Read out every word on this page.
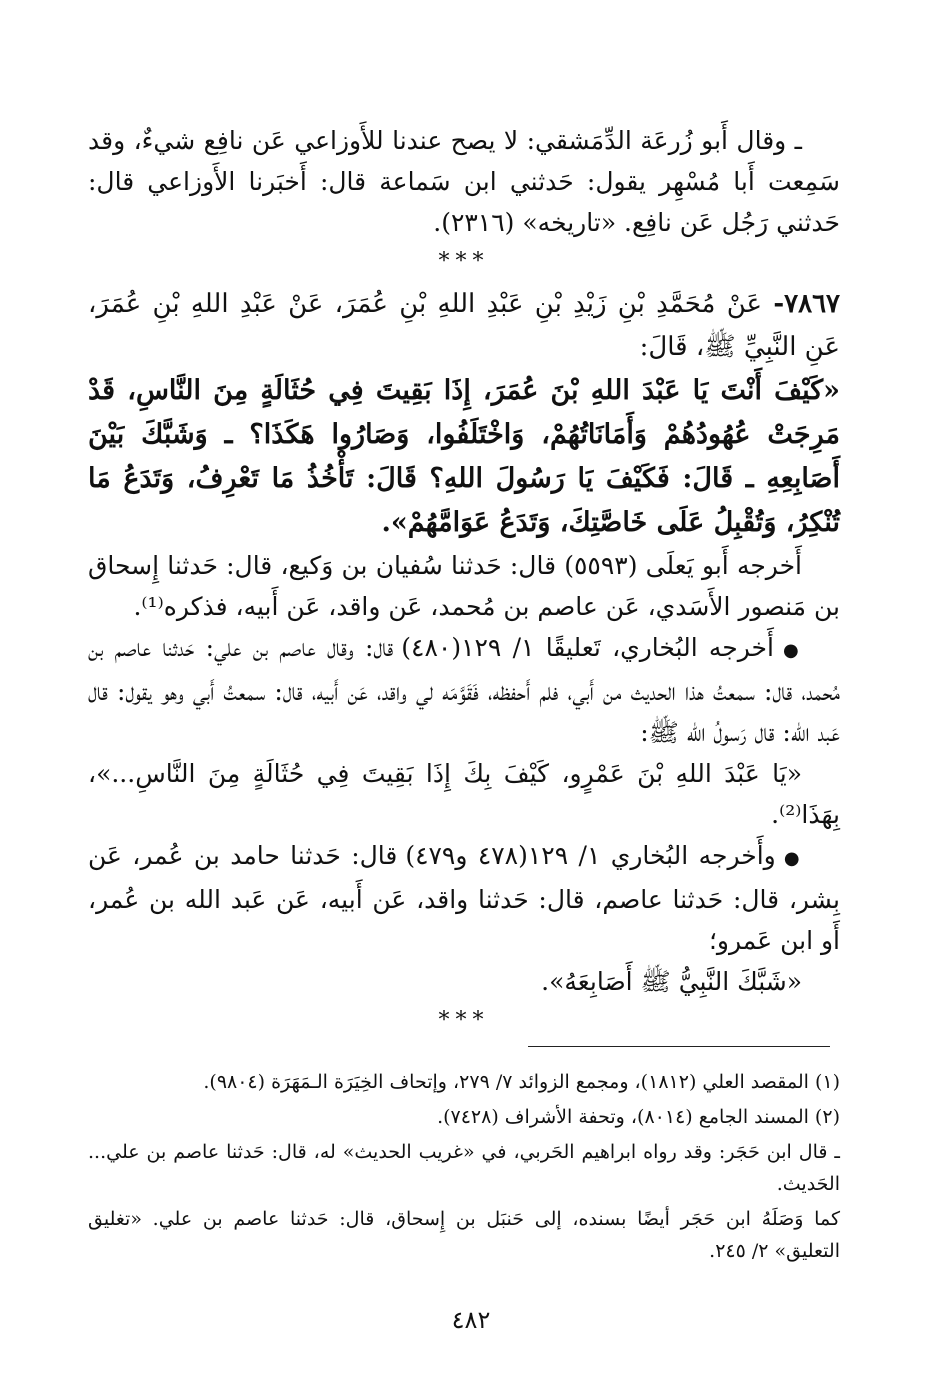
ـ وقال أَبو زُرعَة الدِّمَشقي: لا يصح عندنا للأَوزاعي عَن نافِع شيءٌ، وقد سَمِعت أَبا مُسْهِر يقول: حَدثني ابن سَماعة قال: أَخبَرنا الأَوزاعي قال: حَدثني رَجُل عَن نافِع. «تاريخه» (٢٣١٦).

***

٧٨٦٧- عَنْ مُحَمَّدِ بْنِ زَيْدِ بْنِ عَبْدِ اللهِ بْنِ عُمَرَ، عَنْ عَبْدِ اللهِ بْنِ عُمَرَ، عَنِ النَّبِيِّ ﷺ، قَالَ:

«كَيْفَ أَنْتَ يَا عَبْدَ اللهِ بْنَ عُمَرَ، إِذَا بَقِيتَ فِي حُثَالَةٍ مِنَ النَّاسِ، قَدْ مَرِجَتْ عُهُودُهُمْ وَأَمَانَاتُهُمْ، وَاخْتَلَفُوا، وَصَارُوا هَكَذَا؟ ـ وَشَبَّكَ بَيْنَ أَصَابِعِهِ ـ قَالَ: فَكَيْفَ يَا رَسُولَ اللهِ؟ قَالَ: تَأْخُذُ مَا تَعْرِفُ، وَتَدَعُ مَا تُنْكِرُ، وَتُقْبِلُ عَلَى خَاصَّتِكَ، وَتَدَعُ عَوَامَّهُمْ».

أَخرجه أَبو يَعلَى (٥٥٩٣) قال: حَدثنا سُفيان بن وَكيع، قال: حَدثنا إِسحاق بن مَنصور الأَسَدي، عَن عاصم بن مُحمد، عَن واقد، عَن أَبيه، فذكره⁽¹⁾.

● أَخرجه البُخاري، تَعليقًا ١/ ١٢٩(٤٨٠) قال: وقال عاصم بن علي: حَدثنا عاصم بن مُحمد، قال: سمعتُ هذا الحديث من أَبي، فلم أَحفظه، فَقَوَّمَه لي واقد، عَن أَبيه، قال: سمعتُ أَبي وهو يقول: قال عَبد الله: قال رَسولُ الله ﷺ:

«يَا عَبْدَ اللهِ بْنَ عَمْرٍو، كَيْفَ بِكَ إِذَا بَقِيتَ فِي حُثَالَةٍ مِنَ النَّاسِ...»، بِهَذَا⁽²⁾.

● وأَخرجه البُخاري ١/ ١٢٩(٤٧٨ و٤٧٩) قال: حَدثنا حامد بن عُمر، عَن بِشر، قال: حَدثنا عاصم، قال: حَدثنا واقد، عَن أَبيه، عَن عَبد الله بن عُمر، أَو ابن عَمرو؛

«شَبَّكَ النَّبِيُّ ﷺ أَصَابِعَهُ».

***

(١) المقصد العلي (١٨١٢)، ومجمع الزوائد ٧/ ٢٧٩، وإتحاف الخِيَرَة الـمَهَرَة (٩٨٠٤).

(٢) المسند الجامع (٨٠١٤)، وتحفة الأشراف (٧٤٢٨).

ـ قال ابن حَجَر: وقد رواه ابراهيم الحَربي، في «غريب الحديث» له، قال: حَدثنا عاصم بن علي... الحَديث.

كما وَصَلَهُ ابن حَجَر أيضًا بسنده، إلى حَنبَل بن إِسحاق، قال: حَدثنا عاصم بن علي. «تغليق التعليق» ٢/ ٢٤٥.

٤٨٢
